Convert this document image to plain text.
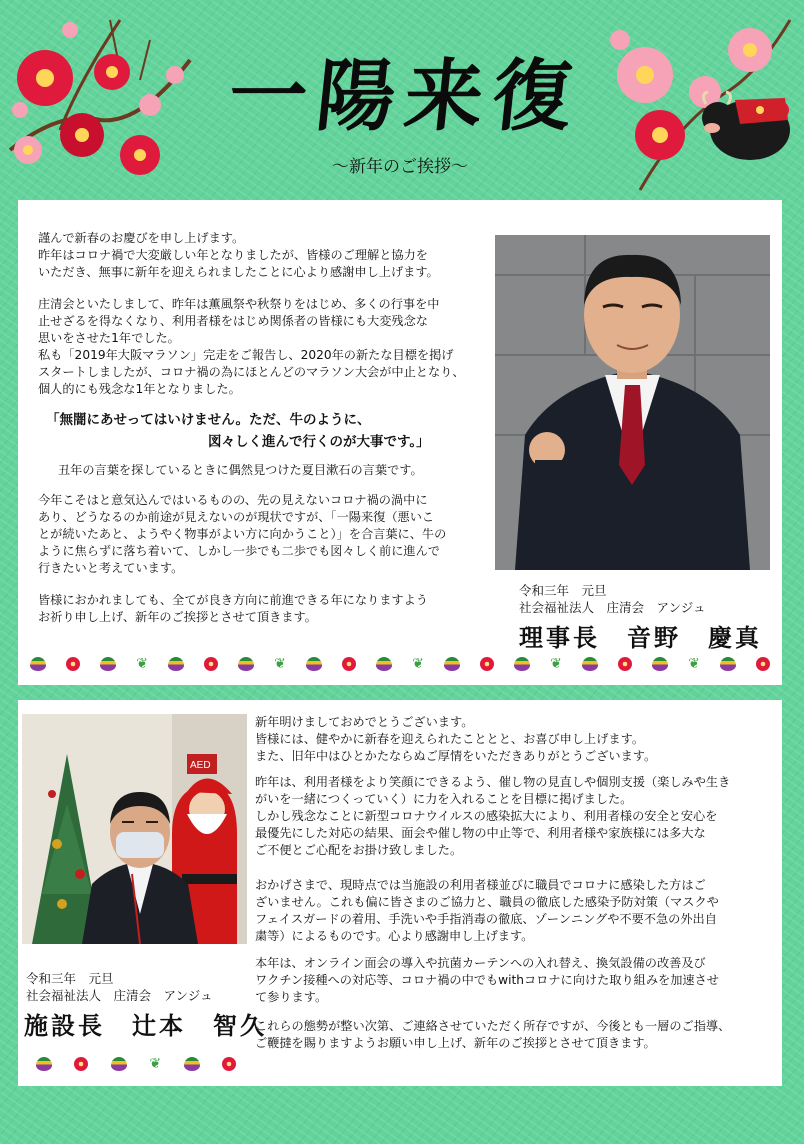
一陽来復
～新年のご挨拶～
謹んで新春のお慶びを申し上げます。
昨年はコロナ禍で大変厳しい年となりましたが、皆様のご理解と協力を
いただき、無事に新年を迎えられましたことに心より感謝申し上げます。
庄清会といたしまして、昨年は薫風祭や秋祭りをはじめ、多くの行事を中
止せざるを得なくなり、利用者様をはじめ関係者の皆様にも大変残念な
思いをさせた1年でした。
私も「2019年大阪マラソン」完走をご報告し、2020年の新たな目標を掲げ
スタートしましたが、コロナ禍の為にほとんどのマラソン大会が中止となり、
個人的にも残念な1年となりました。
「無闇にあせってはいけません。ただ、牛のように、
図々しく進んで行くのが大事です。」
丑年の言葉を探しているときに偶然見つけた夏目漱石の言葉です。
今年こそはと意気込んではいるものの、先の見えないコロナ禍の渦中に
あり、どうなるのか前途が見えないのが現状ですが、「一陽来復（悪いこ
とが続いたあと、ようやく物事がよい方に向かうこと）」を合言葉に、牛の
ように焦らずに落ち着いて、しかし一歩でも二歩でも図々しく前に進んで
行きたいと考えています。
皆様におかれましても、全てが良き方向に前進できる年になりますよう
お祈り申し上げ、新年のご挨拶とさせて頂きます。
令和三年　元旦
社会福祉法人　庄清会　アンジュ
理事長　音野　慶真
❦	❦	❦	❦	❦
AED
令和三年　元旦
社会福祉法人　庄清会　アンジュ
施設長　辻本　智久
新年明けましておめでとうございます。
皆様には、健やかに新春を迎えられたこととと、お喜び申し上げます。
また、旧年中はひとかたならぬご厚情をいただきありがとうございます。
昨年は、利用者様をより笑顔にできるよう、催し物の見直しや個別支援（楽しみや生き
がいを一緒につくっていく）に力を入れることを目標に掲げました。
しかし残念なことに新型コロナウイルスの感染拡大により、利用者様の安全と安心を
最優先にした対応の結果、面会や催し物の中止等で、利用者様や家族様には多大な
ご不便とご心配をお掛け致しました。
おかげさまで、現時点では当施設の利用者様並びに職員でコロナに感染した方はご
ざいません。これも偏に皆さまのご協力と、職員の徹底した感染予防対策（マスクや
フェイスガードの着用、手洗いや手指消毒の徹底、ゾーンニングや不要不急の外出自
粛等）によるものです。心より感謝申し上げます。
本年は、オンライン面会の導入や抗菌カーテンへの入れ替え、換気設備の改善及び
ワクチン接種への対応等、コロナ禍の中でもwithコロナに向けた取り組みを加速させ
て参ります。
これらの態勢が整い次第、ご連絡させていただく所存ですが、今後とも一層のご指導、
ご鞭撻を賜りますようお願い申し上げ、新年のご挨拶とさせて頂きます。
❦
